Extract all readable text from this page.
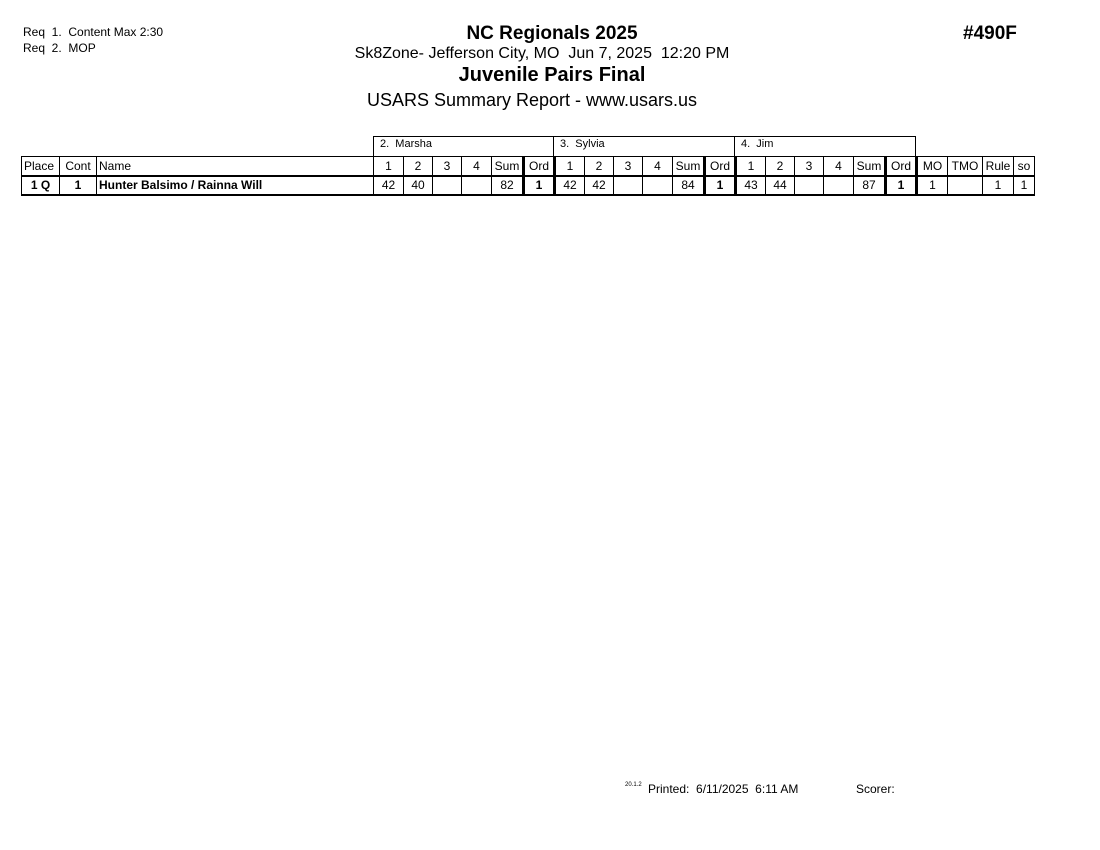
Req  1.  Content Max 2:30
Req  2.  MOP
NC Regionals 2025
Sk8Zone- Jefferson City, MO  Jun 7, 2025  12:20 PM
Juvenile Pairs Final
USARS Summary Report - www.usars.us
#490F
2.  Marsha	3.  Sylvia	4.  Jim
Place	Cont	Name	1	2	3	4	Sum	Ord	1	2	3	4	Sum	Ord	1	2	3	4	Sum	Ord	MO	TMO	Rule	so
1 Q	1	Hunter Balsimo / Rainna Will	42	40			82	1	42	42			84	1	43	44			87	1	1		1	1
20.1.2 Printed:  6/11/2025  6:11 AM	Scorer:
